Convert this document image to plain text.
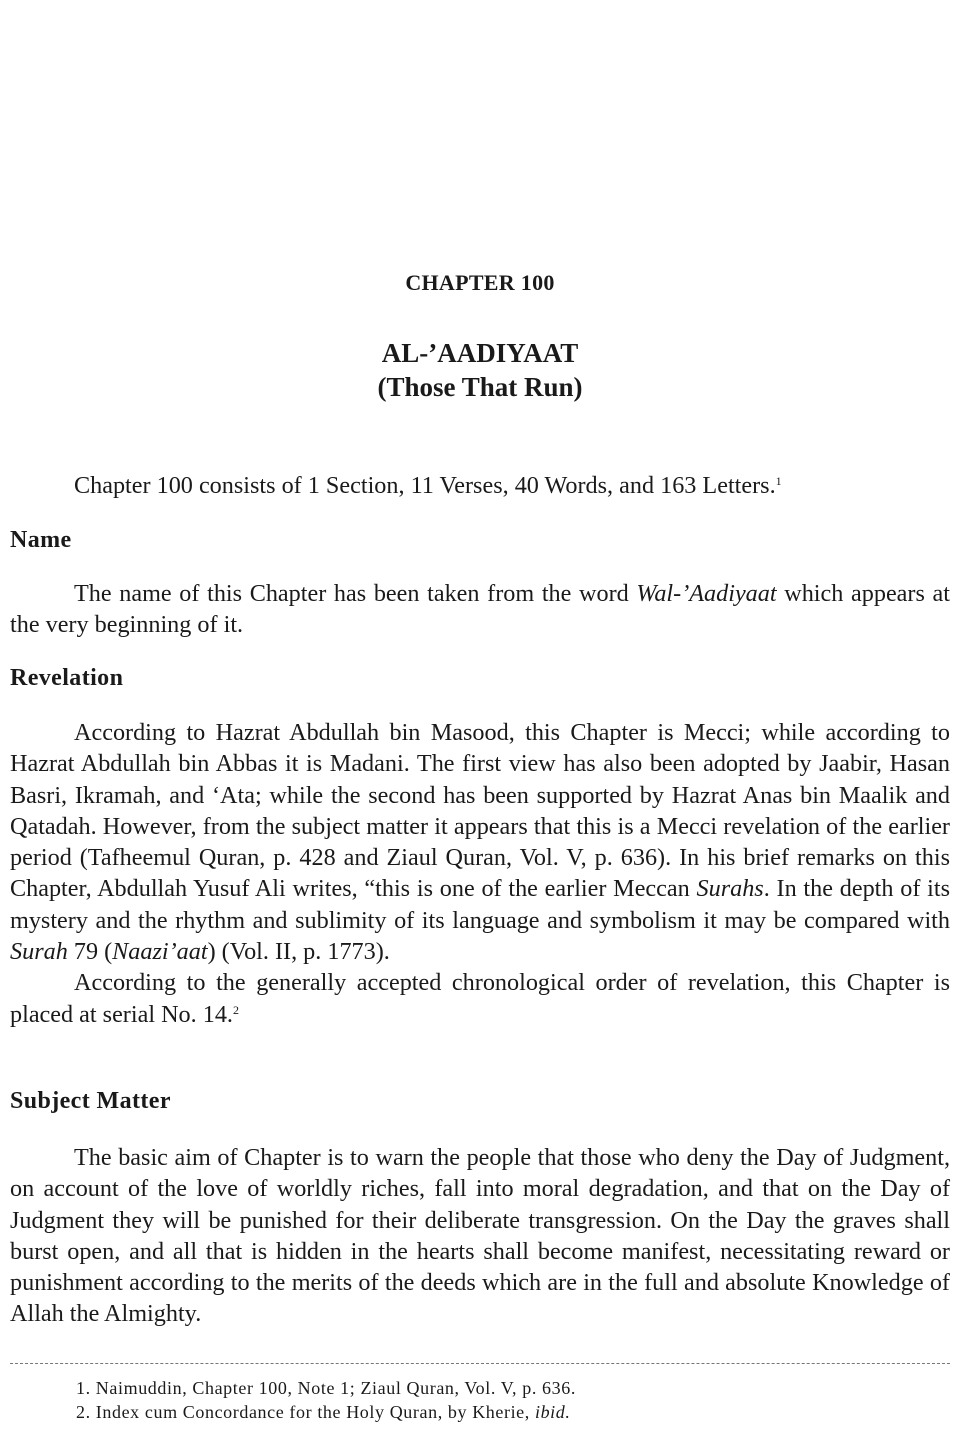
CHAPTER 100
AL-’AADIYAAT
(Those That Run)

Chapter 100 consists of 1 Section, 11 Verses, 40 Words, and 163 Letters.$^1$

Name

The name of this Chapter has been taken from the word Wal-’Aadiyaat which appears at the very beginning of it.

Revelation

According to Hazrat Abdullah bin Masood, this Chapter is Mecci; while according to Hazrat Abdullah bin Abbas it is Madani. The first view has also been adopted by Jaabir, Hasan Basri, Ikramah, and ‘Ata; while the second has been supported by Hazrat Anas bin Maalik and Qatadah. However, from the subject matter it appears that this is a Mecci revelation of the earlier period (Tafheemul Quran, p. 428 and Ziaul Quran, Vol. V, p. 636). In his brief remarks on this Chapter, Abdullah Yusuf Ali writes, “this is one of the earlier Meccan Surahs. In the depth of its mystery and the rhythm and sublimity of its language and symbolism it may be compared with Surah 79 (Naazi’aat) (Vol. II, p. 1773).

According to the generally accepted chronological order of revelation, this Chapter is placed at serial No. 14.$^2$

Subject Matter

The basic aim of Chapter is to warn the people that those who deny the Day of Judgment, on account of the love of worldly riches, fall into moral degradation, and that on the Day of Judgment they will be punished for their deliberate transgression. On the Day the graves shall burst open, and all that is hidden in the hearts shall become manifest, necessitating reward or punishment according to the merits of the deeds which are in the full and absolute Knowledge of Allah the Almighty.

1. Naimuddin, Chapter 100, Note 1; Ziaul Quran, Vol. V, p. 636.
2. Index cum Concordance for the Holy Quran, by Kherie, ibid.
